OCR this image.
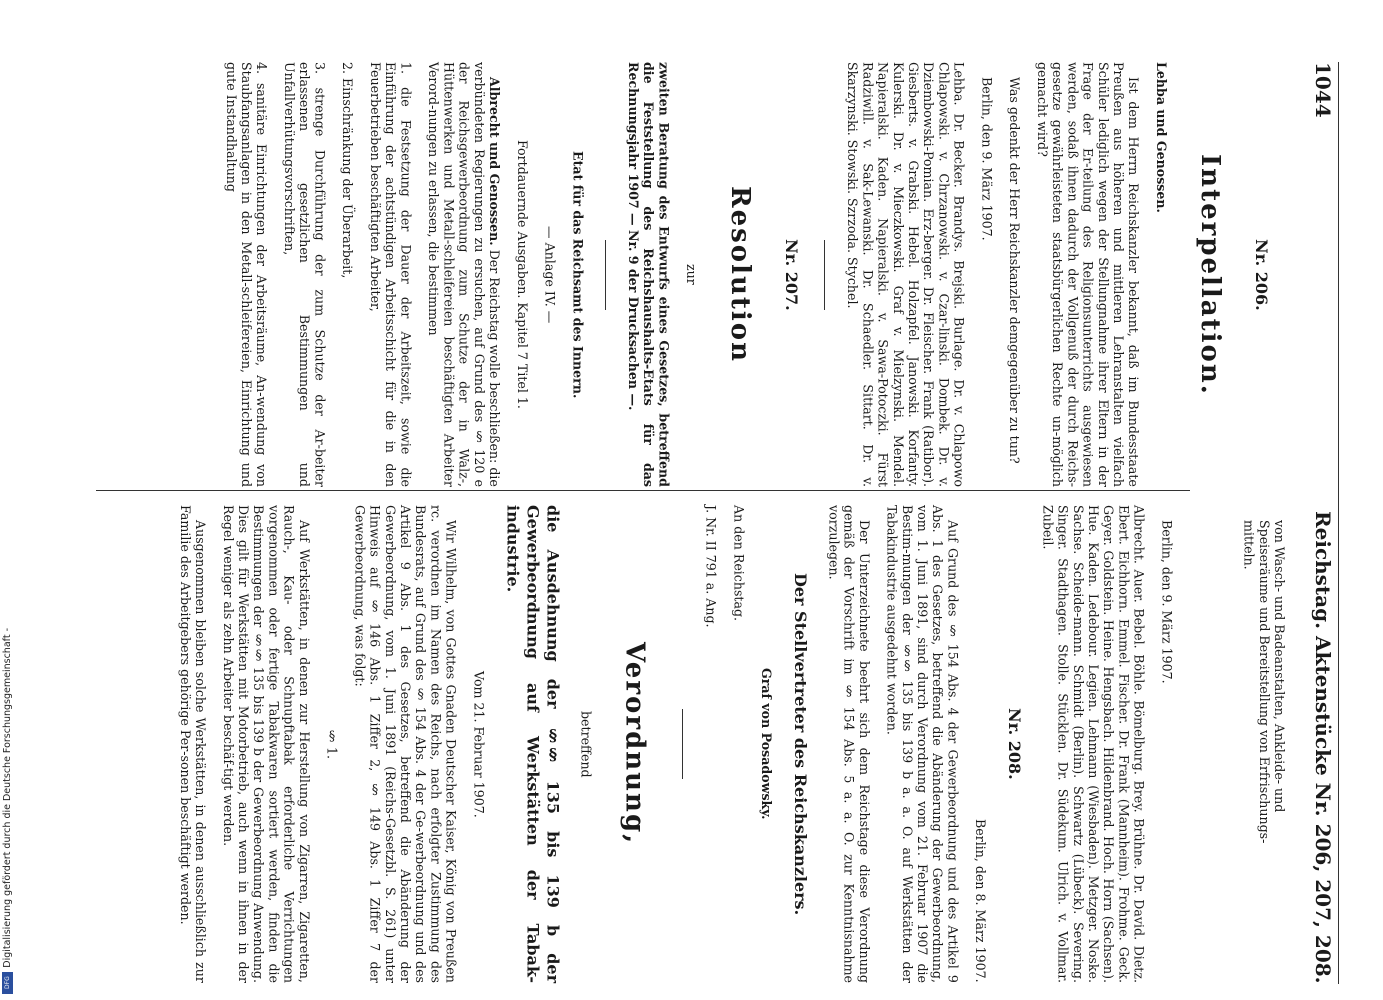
1044
Reichstag. Aktenstücke Nr. 206, 207, 208.
von Wasch- und Badeanstalten, Ankleide- und
Speiseräume und Bereitstellung von Erfrischungs-
mitteln.

Nr. 206.

Interpellation.

Lehba und Genossen.

Ist dem Herrn Reichskanzler bekannt, daß im Bundesstaate Preußen aus höheren und mittleren Lehranstalten vielfach Schüler lediglich wegen der Stellungnahme ihrer Eltern in der Frage der Er-teilung des Religionsunterrichts ausgewiesen werden, sodaß ihnen dadurch der Vollgenuß der durch Reichs-gesetze gewährleisteten staatsbürgerlichen Rechte un-möglich gemacht wird?

Was gedenkt der Herr Reichskanzler demgegenüber zu tun?

Berlin, den 9. März 1907.

Lehba. Dr. Becker. Brandys. Brejski. Burlage. Dr. v. Chlapowo Chlapowski. v. Chrzanowski. v. Czar-linski. Dombek. Dr. v. Dziembowski-Pomian. Erz-berger. Dr. Fleischer. Frank (Ratibor). Giesberts. v. Grabski. Hebel. Holzapfel. Janowski. Korfanty. Kulerski. Dr. v. Mieczkowski. Graf v. Mielzynski. Mendel. Napieralski. Kaden. Napieralski. v. Sawa-Potoczki. Fürst Radziwill. v. Sak-Lewanski. Dr. Schaedler. Sittart. Dr. v. Skarzynski. Stowski. Szrzoda. Stychel.

Nr. 207.

Resolution

zur

zweiten Beratung des Entwurfs eines Gesetzes, betreffend die Feststellung des Reichshaushalts-Etats für das Rechnungsjahr 1907 — Nr. 9 der Drucksachen —.

Etat für das Reichsamt des Innern.

— Anlage IV. —

Fortdauernde Ausgaben. Kapitel 7 Titel 1.

Albrecht und Genossen. Der Reichstag wolle beschließen: die verbündeten Regierungen zu ersuchen, auf Grund des § 120 e der Reichsgewerbeordnung zum Schutze der in Walz-, Hüttenwerken und Metall-schleifereien beschäftigten Arbeiter Verord-nungen zu erlassen, die bestimmen

1. die Festsetzung der Dauer der Arbeitszeit, sowie die Einführung der achtstündigen Arbeitsschicht für die in den Feuerbetrieben beschäftigten Arbeiter,

2. Einschränkung der Überarbeit,

3. strenge Durchführung der zum Schutze der Ar-beiter erlassenen gesetzlichen Bestimmungen und Unfallverhütungsvorschriften,

4. sanitäre Einrichtungen der Arbeitsräume, An-wendung von Staubfangsanlagen in den Metall-schleifereien, Einrichtung und gute Instandhaltung

Berlin, den 9. März 1907.

Albrecht. Auer. Bebel. Böhle. Bömelburg. Brey. Brühne. Dr. David. Dietz. Ebert. Eichhorn. Emmel. Fischer. Dr. Frank (Mannheim). Frohme. Geck. Geyer. Goldstein. Heine. Hengsbach. Hildenbrand. Hoch. Horn (Sachsen). Hue. Kaden. Ledebour. Legien. Lehmann (Wiesbaden). Metzger. Noske. Sachse. Scheide-mann. Schmidt (Berlin). Schwartz (Lübeck). Severing. Singer. Stadthagen. Stolle. Stücklen. Dr. Südekum. Ulrich. v. Vollmar. Zubeil.

Nr. 208.

Berlin, den 8. März 1907.

Auf Grund des § 154 Abs. 4 der Gewerbeordnung und des Artikel 9 Abs. 1 des Gesetzes, betreffend die Abänderung der Gewerbeordnung, vom 1. Juni 1891, sind durch Verordnung vom 21. Februar 1907 die Bestim-mungen der §§ 135 bis 139 b a. a. O. auf Werkstätten der Tabakindustrie ausgedehnt worden.

Der Unterzeichnete beehrt sich dem Reichstage diese Verordnung gemäß der Vorschrift im § 154 Abs. 5 a. a. O. zur Kenntnisnahme vorzulegen.

Der Stellvertreter des Reichskanzlers.

Graf von Posadowsky.

An den Reichstag.

J. Nr. II 791 a. Ang.

Verordnung,

betreffend

die Ausdehnung der §§ 135 bis 139 b der Gewerbeordnung auf Werkstätten der Tabak-industrie.

Vom 21. Februar 1907.

Wir Wilhelm, von Gottes Gnaden Deutscher Kaiser, König von Preußen rc. verordnen im Namen des Reichs, nach erfolgter Zustimmung des Bundesrats, auf Grund des § 154 Abs. 4 der Ge-werbeordnung und des Artikel 9 Abs. 1 des Gesetzes, betreffend die Abänderung der Gewerbeordnung, vom 1. Juni 1891 (Reichs-Gesetzbl. S. 261) unter Hinweis auf § 146 Abs. 1 Ziffer 2, § 149 Abs. 1 Ziffer 7 der Gewerbeordnung, was folgt:

§ 1.

Auf Werkstätten, in denen zur Herstellung von Zigarren, Zigaretten, Rauch-, Kau- oder Schnupftabak erforderliche Verrichtungen vorgenommen oder fertige Tabakwaren sortiert werden, finden die Bestimmungen der §§ 135 bis 139 b der Gewerbeordnung Anwendung. Dies gilt für Werkstätten mit Motorbetrieb, auch wenn in ihnen in der Regel weniger als zehn Arbeiter beschäf-tigt werden.

Ausgenommen bleiben solche Werkstätten, in denen ausschließlich zur Familie des Arbeitgebers gehörige Per-sonen beschäftigt werden.

Digitalisierung gefördert durch die Deutsche Forschungsgemeinschaft -
DFG
